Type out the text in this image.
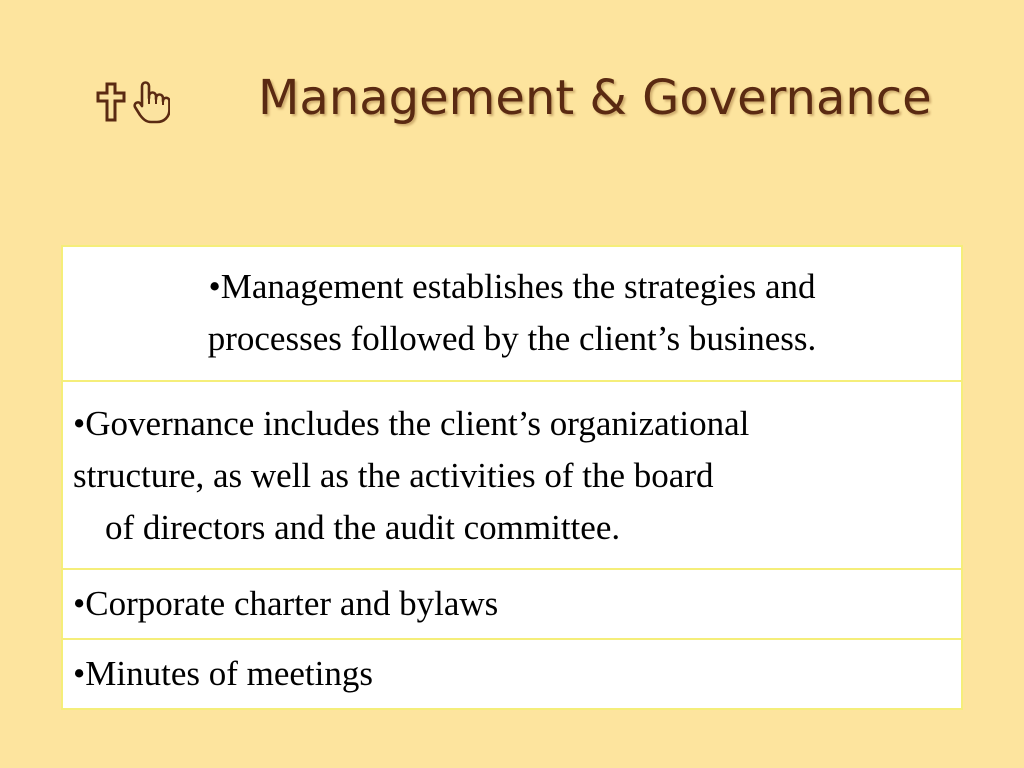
Management & Governance
•Management establishes the strategies and
processes followed by the client’s business.

•Governance includes the client’s organizational
structure, as well as the activities of the board
of directors and the audit committee.

•Corporate charter and bylaws

•Minutes of meetings
